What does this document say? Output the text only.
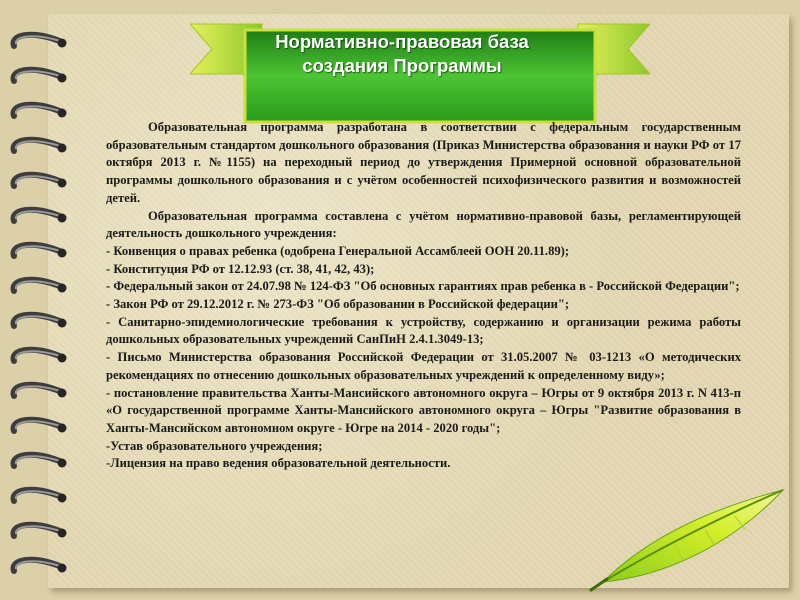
Нормативно-правовая база
создания Программы

Образовательная программа разработана в соответствии с федеральным государственным образовательным стандартом дошкольного образования (Приказ Министерства образования и науки РФ от 17 октября 2013 г. №1155) на переходный период до утверждения Примерной основной образовательной программы дошкольного образования и с учётом особенностей психофизического развития и возможностей детей.

Образовательная программа составлена с учётом нормативно-правовой базы, регламентирующей деятельность дошкольного учреждения:

- Конвенция о правах ребенка (одобрена Генеральной Ассамблеей ООН 20.11.89);

- Конституция РФ от 12.12.93 (ст. 38, 41, 42, 43);

- Федеральный закон от 24.07.98 № 124-ФЗ "Об основных гарантиях прав ребенка в - Российской Федерации";

- Закон РФ от 29.12.2012 г. № 273-ФЗ "Об образовании в Российской федерации";

- Санитарно-эпидемиологические требования к устройству, содержанию и организации режима работы дошкольных образовательных учреждений СанПиН 2.4.1.3049-13;

- Письмо Министерства образования Российской Федерации от 31.05.2007 № 03-1213 «О методических рекомендациях по отнесению дошкольных образовательных учреждений к определенному виду»;

- постановление правительства Ханты-Мансийского автономного округа – Югры от 9 октября 2013 г. N 413-п «О государственной программе Ханты-Мансийского автономного округа – Югры "Развитие образования в Ханты-Мансийском автономном округе - Югре на 2014 - 2020 годы";

-Устав образовательного учреждения;

-Лицензия на право ведения образовательной деятельности.
